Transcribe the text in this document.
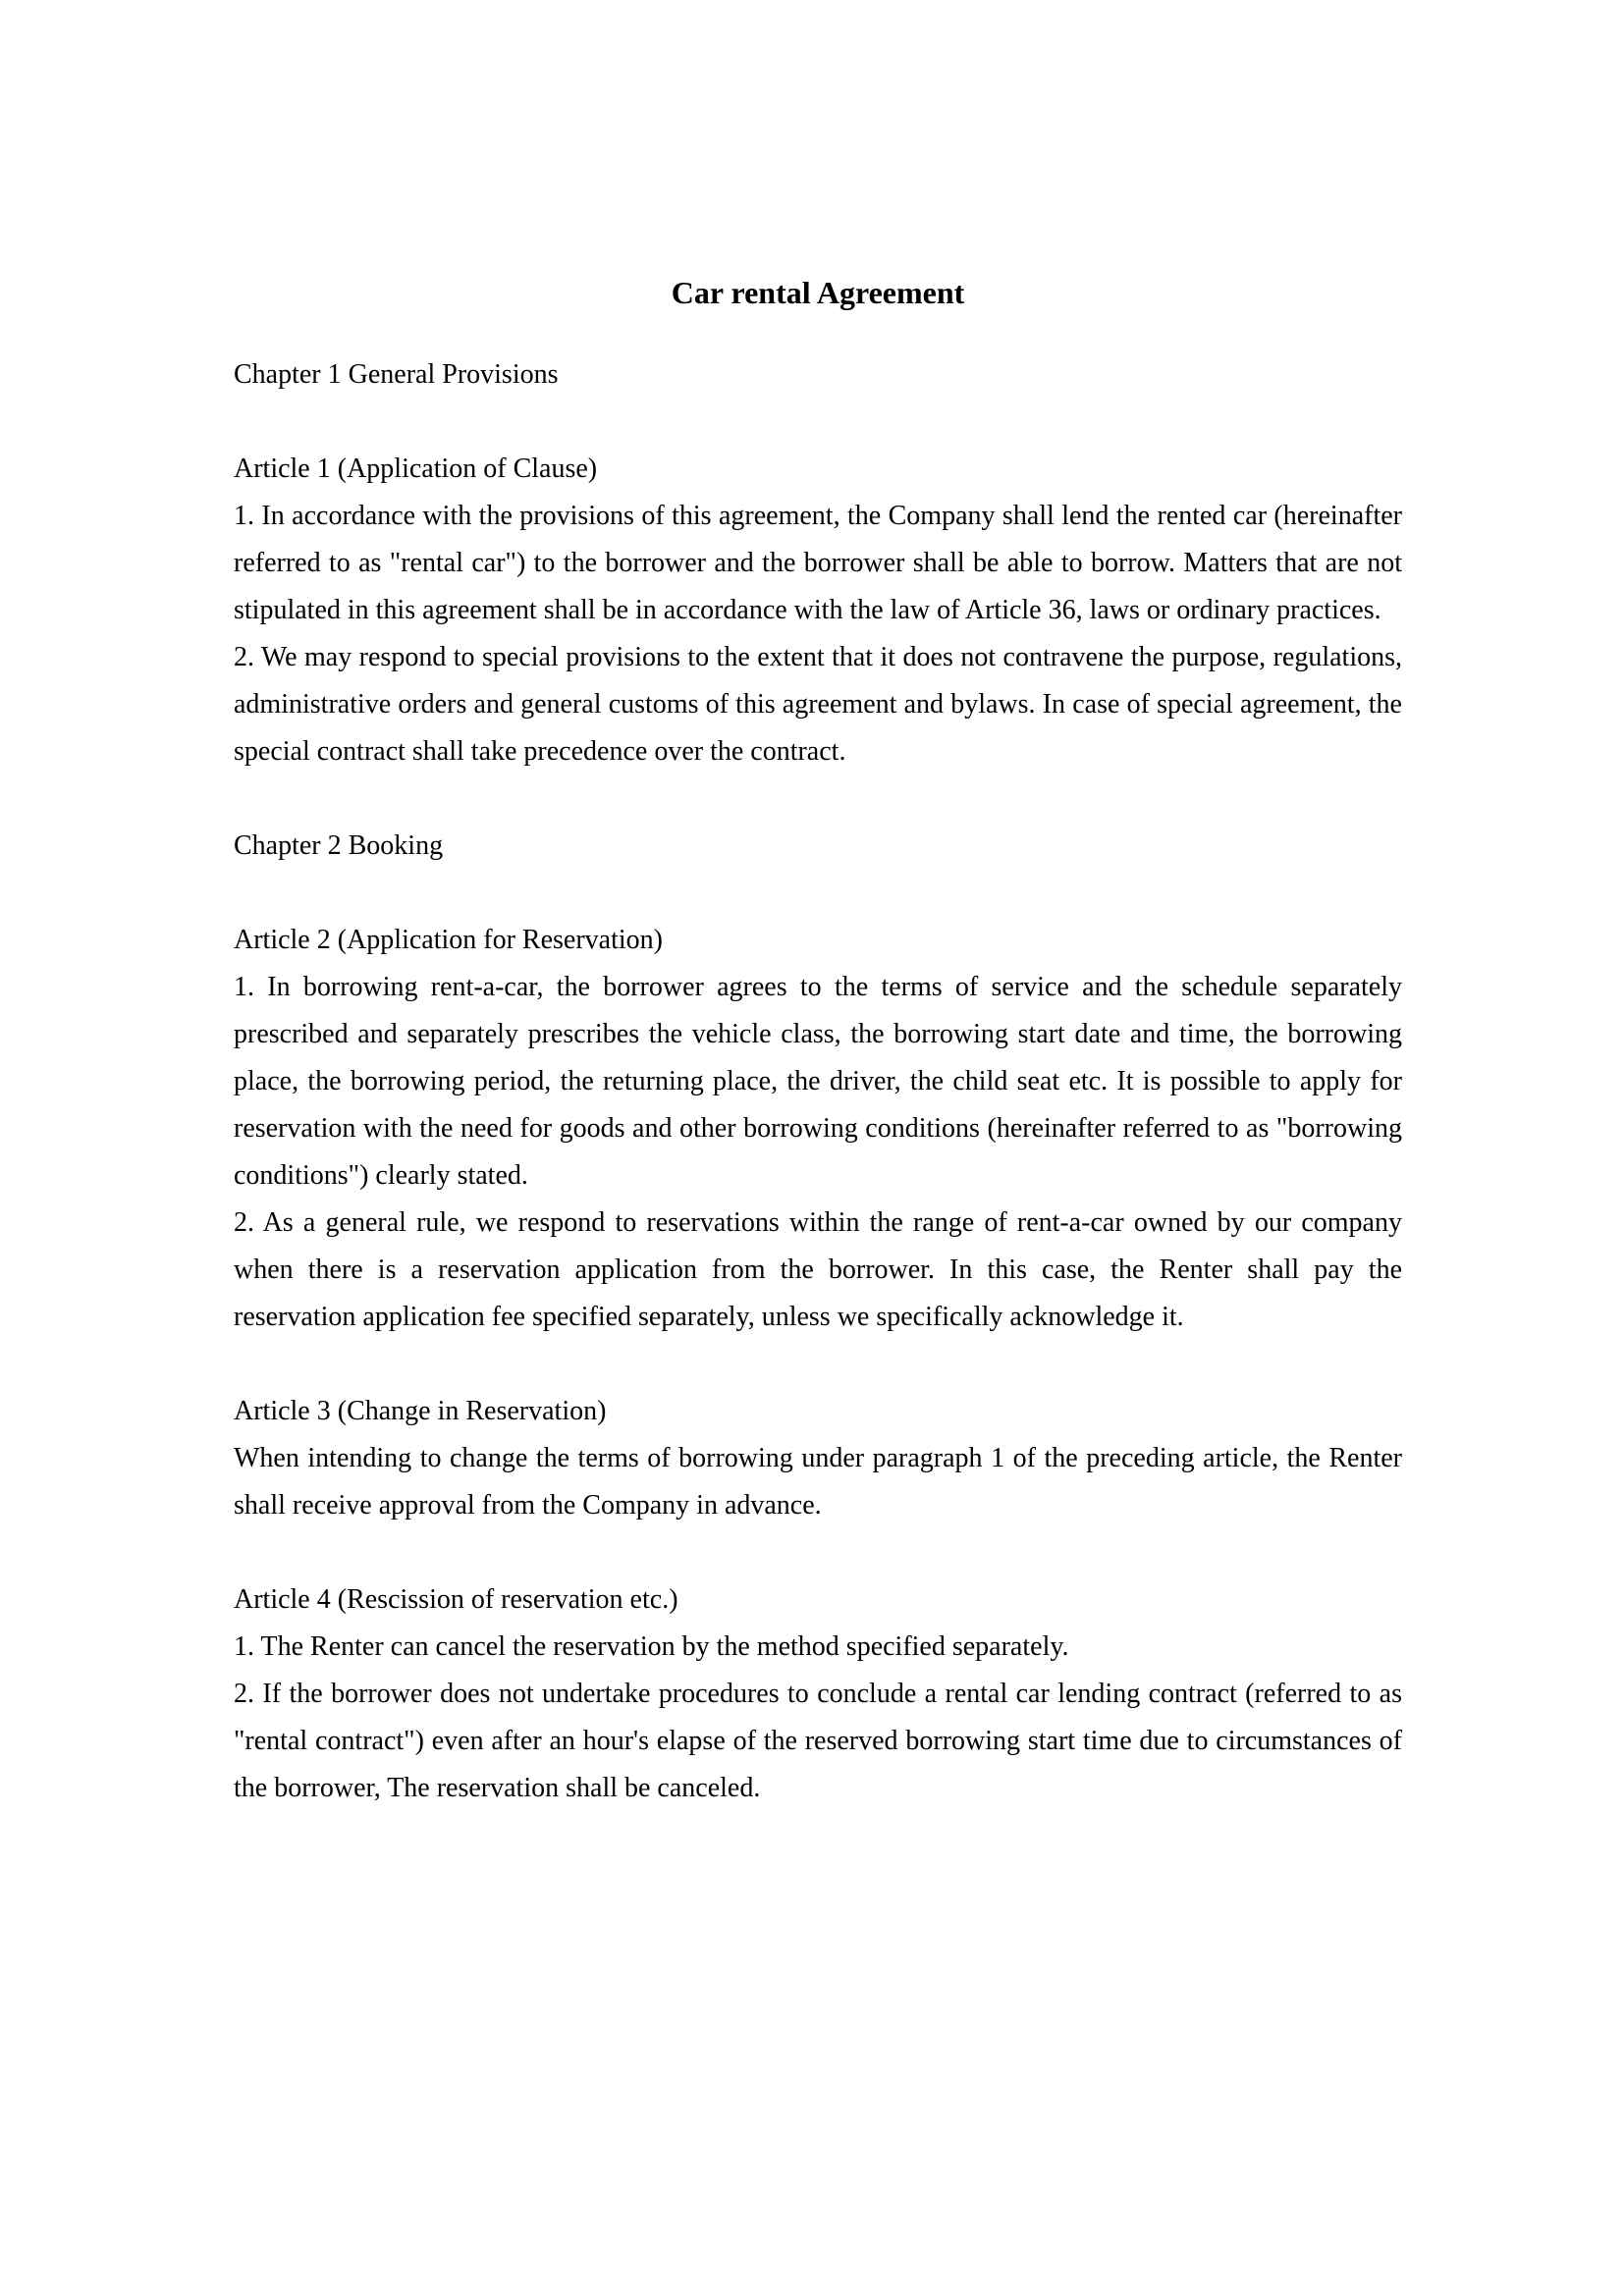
Car rental Agreement

Chapter 1 General Provisions

Article 1 (Application of Clause)

1. In accordance with the provisions of this agreement, the Company shall lend the rented car (hereinafter referred to as "rental car") to the borrower and the borrower shall be able to borrow. Matters that are not stipulated in this agreement shall be in accordance with the law of Article 36, laws or ordinary practices.

2. We may respond to special provisions to the extent that it does not contravene the purpose, regulations, administrative orders and general customs of this agreement and bylaws. In case of special agreement, the special contract shall take precedence over the contract.

Chapter 2 Booking

Article 2 (Application for Reservation)

1. In borrowing rent-a-car, the borrower agrees to the terms of service and the schedule separately prescribed and separately prescribes the vehicle class, the borrowing start date and time, the borrowing place, the borrowing period, the returning place, the driver, the child seat etc. It is possible to apply for reservation with the need for goods and other borrowing conditions (hereinafter referred to as "borrowing conditions") clearly stated.

2. As a general rule, we respond to reservations within the range of rent-a-car owned by our company when there is a reservation application from the borrower. In this case, the Renter shall pay the reservation application fee specified separately, unless we specifically acknowledge it.

Article 3 (Change in Reservation)

When intending to change the terms of borrowing under paragraph 1 of the preceding article, the Renter shall receive approval from the Company in advance.

Article 4 (Rescission of reservation etc.)

1. The Renter can cancel the reservation by the method specified separately.

2. If the borrower does not undertake procedures to conclude a rental car lending contract (referred to as "rental contract") even after an hour's elapse of the reserved borrowing start time due to circumstances of the borrower, The reservation shall be canceled.
